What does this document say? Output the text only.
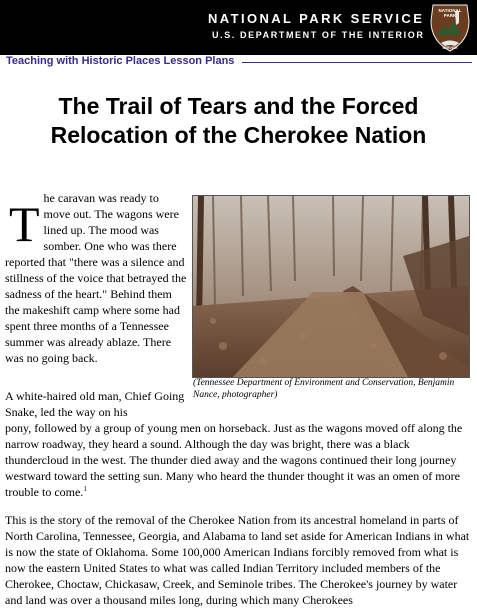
NATIONAL PARK SERVICE
U.S. DEPARTMENT OF THE INTERIOR
NATIONAL
PARK
SERVICE
Teaching with Historic Places Lesson Plans
The Trail of Tears and the Forced
Relocation of the Cherokee Nation

The caravan was ready to move out. The wagons were lined up. The mood was somber. One who was there reported that "there was a silence and stillness of the voice that betrayed the sadness of the heart." Behind them the makeshift camp where some had spent three months of a Tennessee summer was already ablaze. There was no going back.

(Tennessee Department of Environment and Conservation, Benjamin Nance, photographer)

A white-haired old man, Chief Going Snake, led the way on his
pony, followed by a group of young men on horseback. Just as the wagons moved off along the narrow roadway, they heard a sound. Although the day was bright, there was a black thundercloud in the west. The thunder died away and the wagons continued their long journey westward toward the setting sun. Many who heard the thunder thought it was an omen of more trouble to come.$^1$

This is the story of the removal of the Cherokee Nation from its ancestral homeland in parts of North Carolina, Tennessee, Georgia, and Alabama to land set aside for American Indians in what is now the state of Oklahoma. Some 100,000 American Indians forcibly removed from what is now the eastern United States to what was called Indian Territory included members of the Cherokee, Choctaw, Chickasaw, Creek, and Seminole tribes. The Cherokee's journey by water and land was over a thousand miles long, during which many Cherokees
